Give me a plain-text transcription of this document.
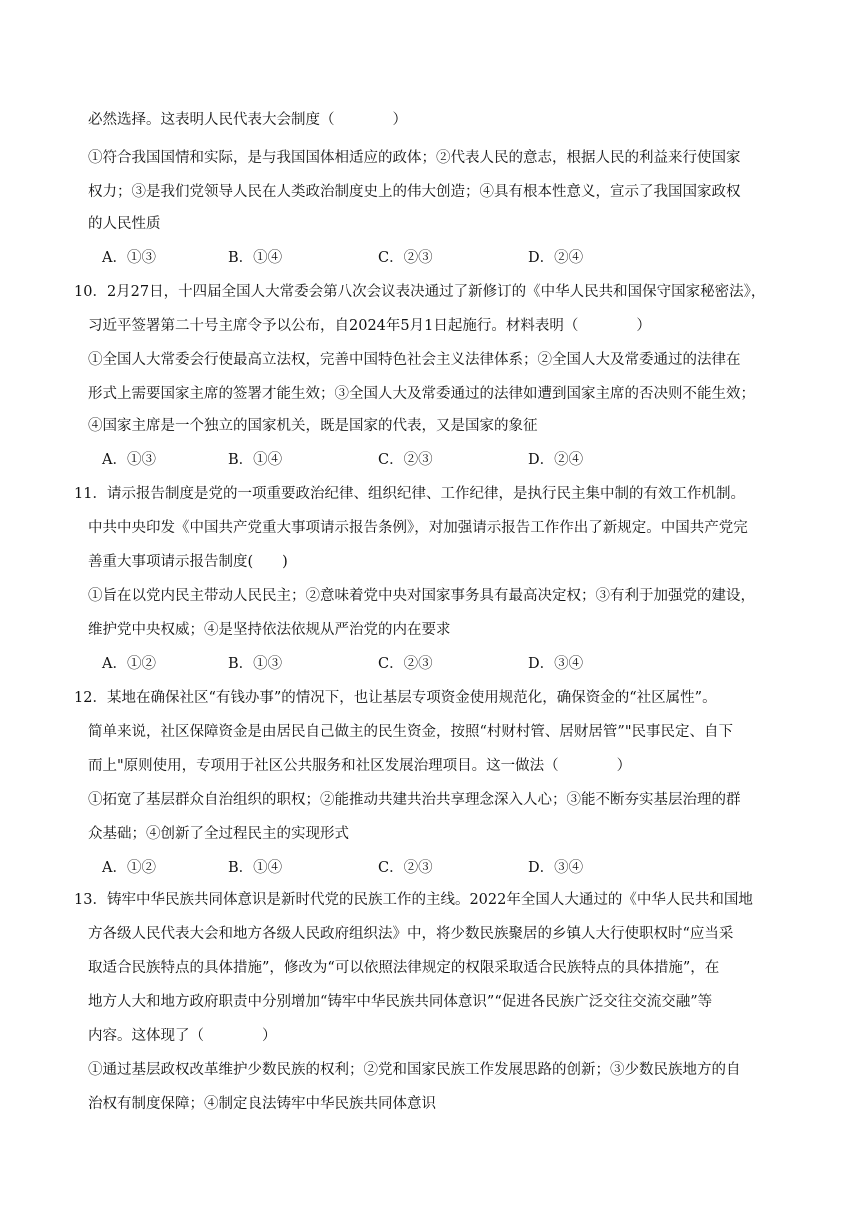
必然选择。这表明人民代表大会制度（　　　　）
①符合我国国情和实际，是与我国国体相适应的政体；②代表人民的意志，根据人民的利益来行使国家
权力；③是我们党领导人民在人类政治制度史上的伟大创造；④具有根本性意义，宣示了我国国家政权
的人民性质
A．①③	B．①④	C．②③	D．②④
10．2月27日，十四届全国人大常委会第八次会议表决通过了新修订的《中华人民共和国保守国家秘密法》，
习近平签署第二十号主席令予以公布，自2024年5月1日起施行。材料表明（　　　　）
①全国人大常委会行使最高立法权，完善中国特色社会主义法律体系；②全国人大及常委通过的法律在
形式上需要国家主席的签署才能生效；③全国人大及常委通过的法律如遭到国家主席的否决则不能生效；
④国家主席是一个独立的国家机关，既是国家的代表，又是国家的象征
A．①③	B．①④	C．②③	D．②④
11．请示报告制度是党的一项重要政治纪律、组织纪律、工作纪律，是执行民主集中制的有效工作机制。
中共中央印发《中国共产党重大事项请示报告条例》，对加强请示报告工作作出了新规定。中国共产党完
善重大事项请示报告制度(　　)
①旨在以党内民主带动人民民主；②意味着党中央对国家事务具有最高决定权；③有利于加强党的建设，
维护党中央权威；④是坚持依法依规从严治党的内在要求
A．①②	B．①③	C．②③	D．③④
12．某地在确保社区“有钱办事”的情况下，也让基层专项资金使用规范化，确保资金的“社区属性”。
简单来说，社区保障资金是由居民自己做主的民生资金，按照“村财村管、居财居管”"民事民定、自下
而上"原则使用，专项用于社区公共服务和社区发展治理项目。这一做法（　　　　）
①拓宽了基层群众自治组织的职权；②能推动共建共治共享理念深入人心；③能不断夯实基层治理的群
众基础；④创新了全过程民主的实现形式
A．①②	B．①④	C．②③	D．③④
13．铸牢中华民族共同体意识是新时代党的民族工作的主线。2022年全国人大通过的《中华人民共和国地
方各级人民代表大会和地方各级人民政府组织法》中，将少数民族聚居的乡镇人大行使职权时“应当采
取适合民族特点的具体措施”，修改为“可以依照法律规定的权限采取适合民族特点的具体措施”，在
地方人大和地方政府职责中分别增加“铸牢中华民族共同体意识”“促进各民族广泛交往交流交融”等
内容。这体现了（　　　　）
①通过基层政权改革维护少数民族的权利；②党和国家民族工作发展思路的创新；③少数民族地方的自
治权有制度保障；④制定良法铸牢中华民族共同体意识
